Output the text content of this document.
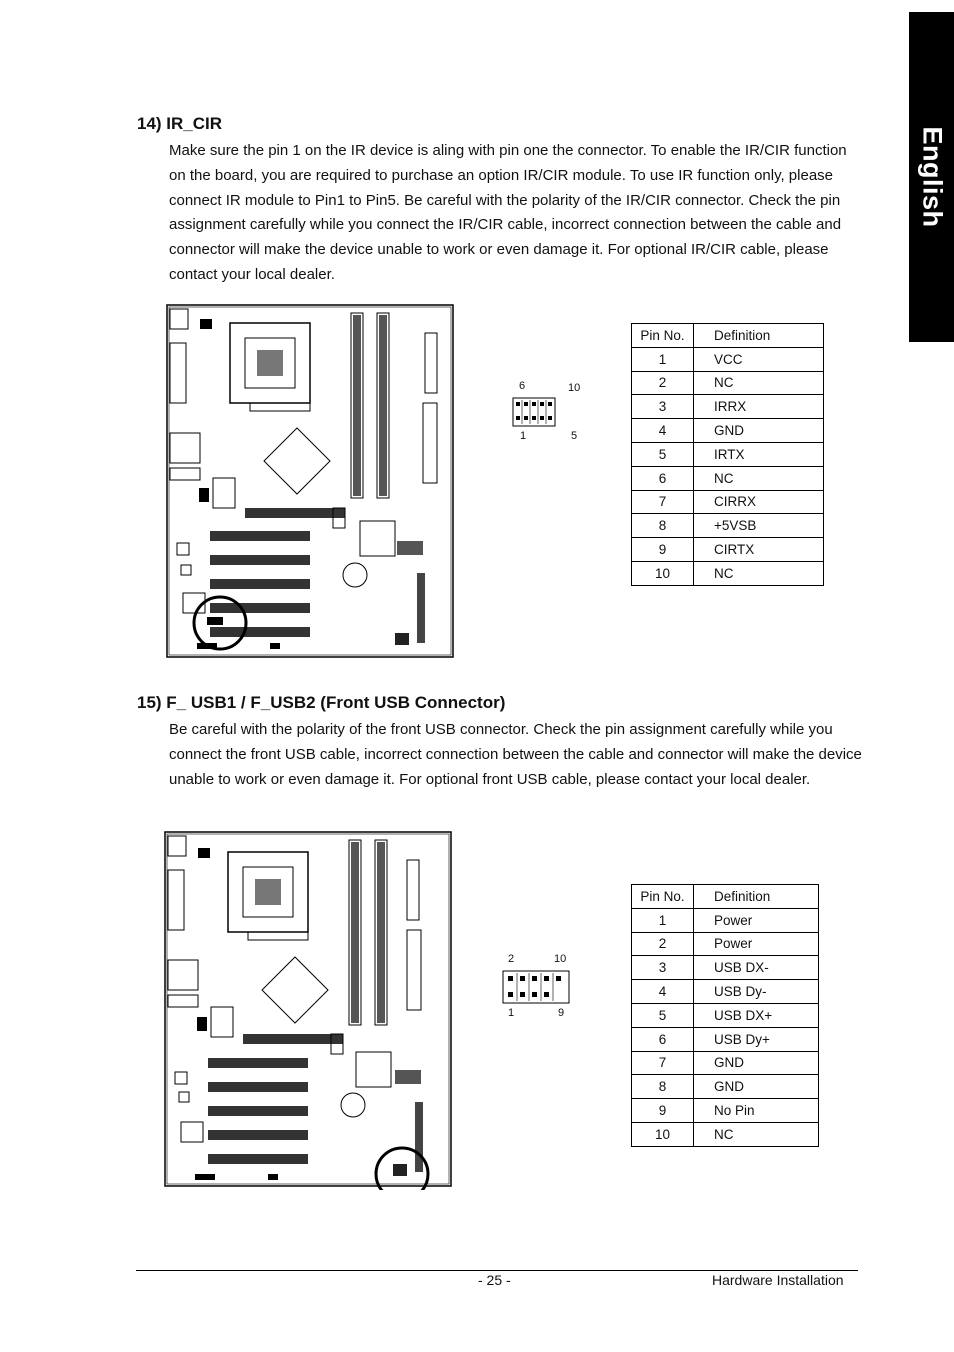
English
14) IR_CIR
Make sure the pin 1 on the IR device is aling with pin one the connector. To enable the IR/CIR function on the board, you are required to purchase an option IR/CIR module. To use IR function only, please connect IR module to Pin1 to Pin5. Be careful with the polarity of the IR/CIR connector. Check the pin assignment carefully while you connect the IR/CIR cable, incorrect connection between the cable and connector will make the device unable to work or even damage it. For optional IR/CIR cable, please contact your local dealer.
6	10
1	5
Pin No.	Definition
1	VCC
2	NC
3	IRRX
4	GND
5	IRTX
6	NC
7	CIRRX
8	+5VSB
9	CIRTX
10	NC
15) F_ USB1 / F_USB2 (Front USB Connector)
Be careful with the polarity of the front USB connector. Check the pin assignment carefully while you connect the front USB cable, incorrect connection between the cable and connector will make the device unable to work or even damage it. For optional front USB cable, please contact your local dealer.
2	10
1	9
Pin No.	Definition
1	Power
2	Power
3	USB DX-
4	USB Dy-
5	USB DX+
6	USB Dy+
7	GND
8	GND
9	No Pin
10	NC
- 25 -	Hardware Installation
